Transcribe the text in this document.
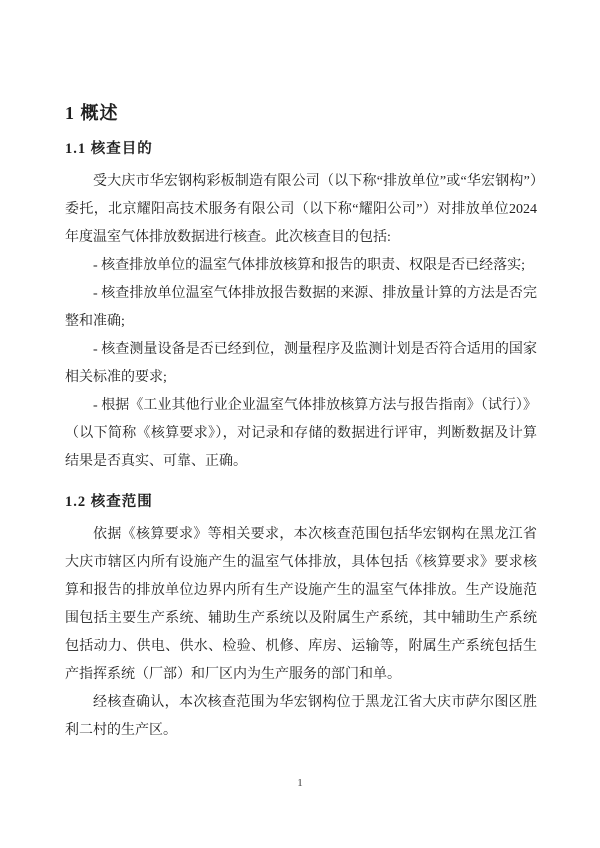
1 概述
1.1 核查目的

受大庆市华宏钢构彩板制造有限公司（以下称“排放单位”或“华宏钢构”）委托，北京耀阳高技术服务有限公司（以下称“耀阳公司”）对排放单位2024年度温室气体排放数据进行核查。此次核查目的包括:

- 核查排放单位的温室气体排放核算和报告的职责、权限是否已经落实;

- 核查排放单位温室气体排放报告数据的来源、排放量计算的方法是否完整和准确;

- 核查测量设备是否已经到位，测量程序及监测计划是否符合适用的国家相关标准的要求;

- 根据《工业其他行业企业温室气体排放核算方法与报告指南》（试行）》（以下简称《核算要求》），对记录和存储的数据进行评审，判断数据及计算结果是否真实、可靠、正确。

1.2 核查范围

依据《核算要求》等相关要求，本次核查范围包括华宏钢构在黑龙江省大庆市辖区内所有设施产生的温室气体排放，具体包括《核算要求》要求核算和报告的排放单位边界内所有生产设施产生的温室气体排放。生产设施范围包括主要生产系统、辅助生产系统以及附属生产系统，其中辅助生产系统包括动力、供电、供水、检验、机修、库房、运输等，附属生产系统包括生产指挥系统（厂部）和厂区内为生产服务的部门和单。

经核查确认，本次核查范围为华宏钢构位于黑龙江省大庆市萨尔图区胜利二村的生产区。

1
